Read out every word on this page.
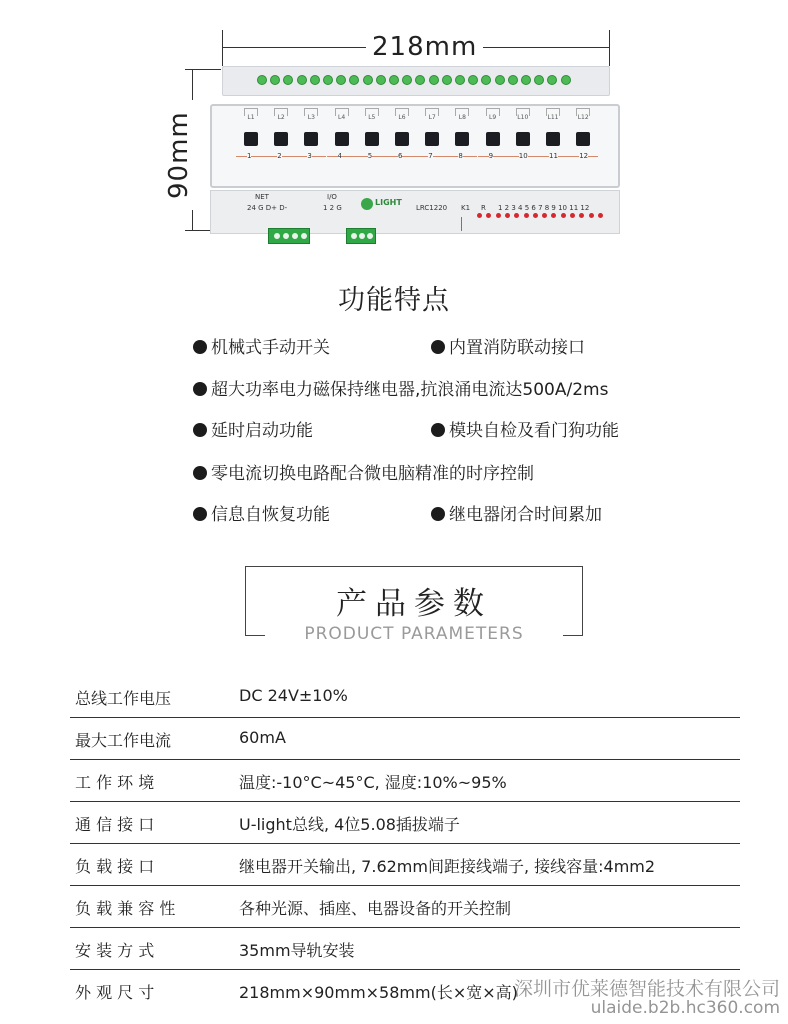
218mm
90mm	NET
24 G D+ D-
I/O
1 2 G
LIGHT
LRC1220 K1 R 1 2 3 4 5 6 7 8 9 10 11 12
L1
1
L2
2
L3
3
L4
4
L5
5
L6
6
L7
7
L8
8
L9
9
L10
10
L11
11
L12
12
功能特点
机械式手动开关	内置消防联动接口
超大功率电力磁保持继电器,抗浪涌电流达500A/2ms
延时启动功能	模块自检及看门狗功能
零电流切换电路配合微电脑精准的时序控制
信息自恢复功能	继电器闭合时间累加
产品参数
PRODUCT PARAMETERS
总线工作电压	DC 24V±10%
最大工作电流	60mA
工 作 环 境	温度:-10°C~45°C, 湿度:10%~95%
通 信 接 口	U-light总线, 4位5.08插拔端子
负 载 接 口	继电器开关输出, 7.62mm间距接线端子, 接线容量:4mm2
负 载 兼 容 性	各种光源、插座、电器设备的开关控制
安 装 方 式	35mm导轨安装
外 观 尺 寸	218mm×90mm×58mm(长×宽×高)
深圳市优莱德智能技术有限公司
ulaide.b2b.hc360.com
